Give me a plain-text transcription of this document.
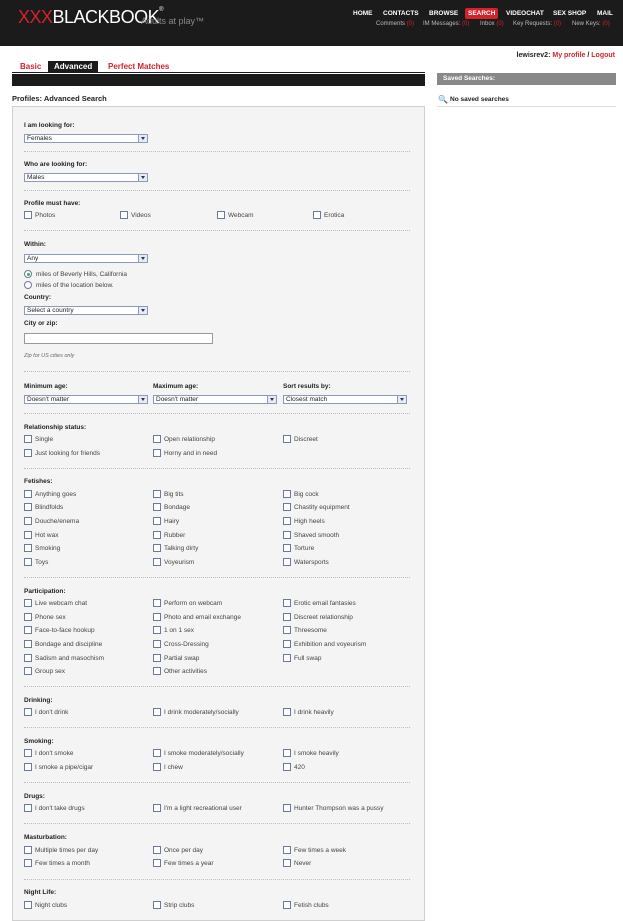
XXXBLACKBOOK®
Adults at play™
HOME CONTACTS BROWSE	SEARCH	VIDEOCHAT SEX SHOP MAIL
Comments (0) IM Messages: (0) Inbox (0) Key Requests: (0) New Keys: (0)
lewisrev2: My profile / Logout
Basic	Advanced	Perfect Matches
Profiles: Advanced Search
Saved Searches:
🔍 No saved searches
I am looking for:
Females
Who are looking for:
Males
Profile must have:
Photos	Videos	Webcam	Erotica
Within:
Any
miles of Beverly Hills, California
miles of the location below.
Country:
Select a country
City or zip:
Zip for US cities only
Minimum age:
Doesn't matter
Maximum age:
Doesn't matter
Sort results by:
Closest match
Relationship status:
Single	Open relationship	Discreet
Just looking for friends	Horny and in need
Fetishes:
Anything goes	Big tits	Big cock
Blindfolds	Bondage	Chastity equipment
Douche/enema	Hairy	High heels
Hot wax	Rubber	Shaved smooth
Smoking	Talking dirty	Torture
Toys	Voyeurism	Watersports
Participation:
Live webcam chat	Perform on webcam	Erotic email fantasies
Phone sex	Photo and email exchange	Discreet relationship
Face-to-face hookup	1 on 1 sex	Threesome
Bondage and discipline	Cross-Dressing	Exhibition and voyeurism
Sadism and masochism	Partial swap	Full swap
Group sex	Other activities
Drinking:
I don't drink	I drink moderately/socially	I drink heavily
Smoking:
I don't smoke	I smoke moderately/socially	I smoke heavily
I smoke a pipe/cigar	I chew	420
Drugs:
I don't take drugs	I'm a light recreational user	Hunter Thompson was a pussy
Masturbation:
Multiple times per day	Once per day	Few times a week
Few times a month	Few times a year	Never
Night Life:
Night clubs	Strip clubs	Fetish clubs
